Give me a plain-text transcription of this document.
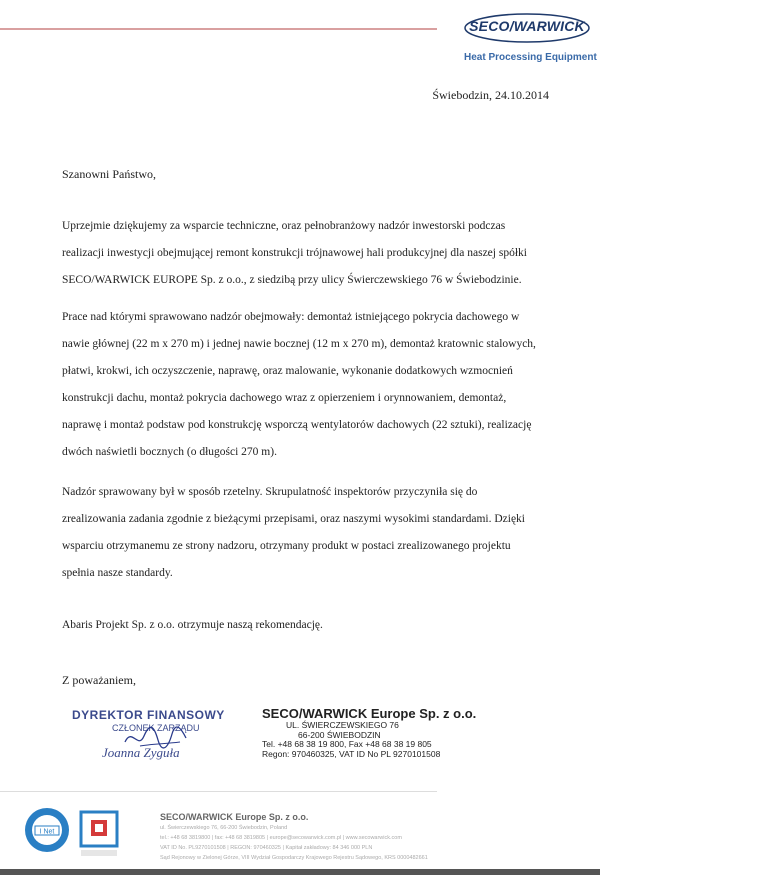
SECO/WARWICK
Heat Processing Equipment
Świebodzin, 24.10.2014
Szanowni Państwo,
Uprzejmie dziękujemy za wsparcie techniczne, oraz pełnobranżowy nadzór inwestorski podczas
realizacji inwestycji obejmującej remont konstrukcji trójnawowej hali produkcyjnej dla naszej spółki
SECO/WARWICK EUROPE Sp. z o.o., z siedzibą przy ulicy Świerczewskiego 76 w Świebodzinie.
Prace nad którymi sprawowano nadzór obejmowały: demontaż istniejącego pokrycia dachowego w
nawie głównej (22 m x 270 m) i jednej nawie bocznej (12 m x 270 m), demontaż kratownic stalowych,
płatwi, krokwi, ich oczyszczenie, naprawę, oraz malowanie, wykonanie dodatkowych wzmocnień
konstrukcji dachu, montaż pokrycia dachowego wraz z opierzeniem i orynnowaniem, demontaż,
naprawę i montaż podstaw pod konstrukcję wsporczą wentylatorów dachowych (22 sztuki), realizację
dwóch naświetli bocznych (o długości 270 m).
Nadzór sprawowany był w sposób rzetelny. Skrupulatność inspektorów przyczyniła się do
zrealizowania zadania zgodnie z bieżącymi przepisami, oraz naszymi wysokimi standardami. Dzięki
wsparciu otrzymanemu ze strony nadzoru, otrzymany produkt w postaci zrealizowanego projektu
spełnia nasze standardy.
Abaris Projekt Sp. z o.o. otrzymuje naszą rekomendację.
Z poważaniem,
DYREKTOR FINANSOWY
CZŁONEK ZARZĄDU
Joanna Zyguła
SECO/WARWICK Europe Sp. z o.o.
UL. ŚWIERCZEWSKIEGO 76
66-200 ŚWIEBODZIN
Tel. +48 68 38 19 800, Fax +48 68 38 19 805
Regon: 970460325, VAT ID No PL 9270101508
I Net
SECO/WARWICK Europe Sp. z o.o.
ul. Świerczewskiego 76, 66-200 Świebodzin, Poland
tel.: +48 68 3819800 | fax: +48 68 3819805 | europe@secowarwick.com.pl | www.secowarwick.com
VAT ID No. PL9270101508 | REGON: 970460325 | Kapitał zakładowy: 84 346 000 PLN
Sąd Rejonowy w Zielonej Górze, VIII Wydział Gospodarczy Krajowego Rejestru Sądowego, KRS 0000482661
